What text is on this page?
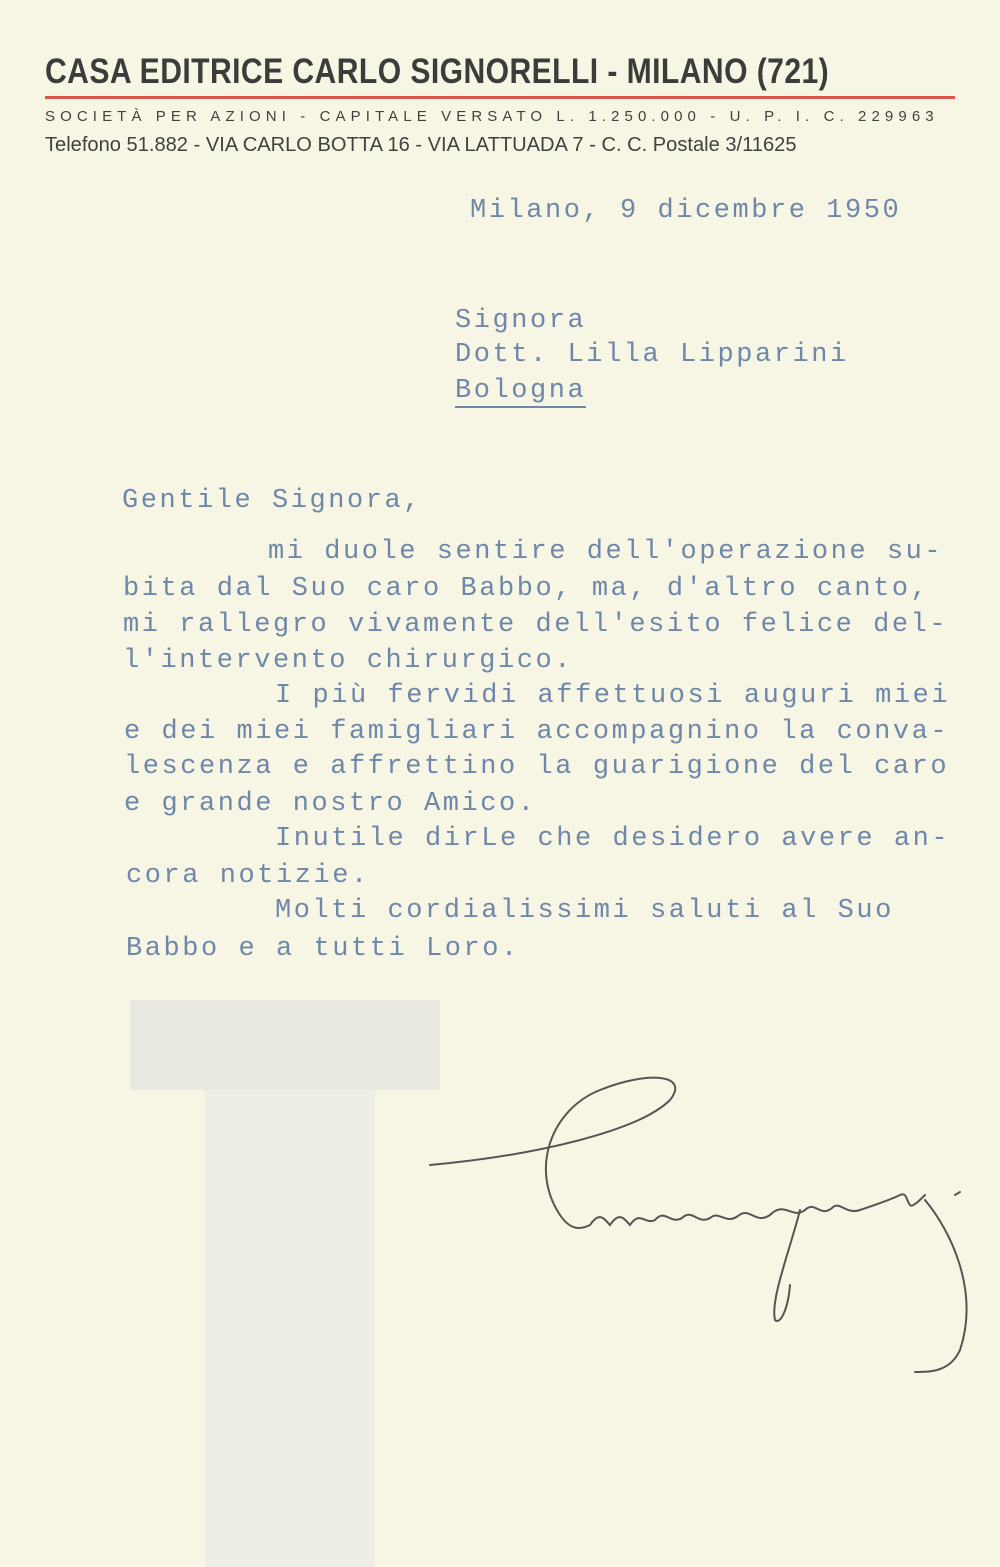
CASA EDITRICE CARLO SIGNORELLI - MILANO (721)
SOCIETÀ PER AZIONI - CAPITALE VERSATO L. 1.250.000 - U. P. I. C. 229963
Telefono 51.882 - VIA CARLO BOTTA 16 - VIA LATTUADA 7 - C. C. Postale 3/11625
Milano, 9 dicembre 1950
Signora
Dott. Lilla Lipparini
Bologna
Gentile Signora,
mi duole sentire dell'operazione su-
bita dal Suo caro Babbo, ma, d'altro canto,
mi rallegro vivamente dell'esito felice del-
l'intervento chirurgico.
I più fervidi affettuosi auguri miei
e dei miei famigliari accompagnino la conva-
lescenza e affrettino la guarigione del caro
e grande nostro Amico.
Inutile dirLe che desidero avere an-
cora notizie.
Molti cordialissimi saluti al Suo
Babbo e a tutti Loro.
